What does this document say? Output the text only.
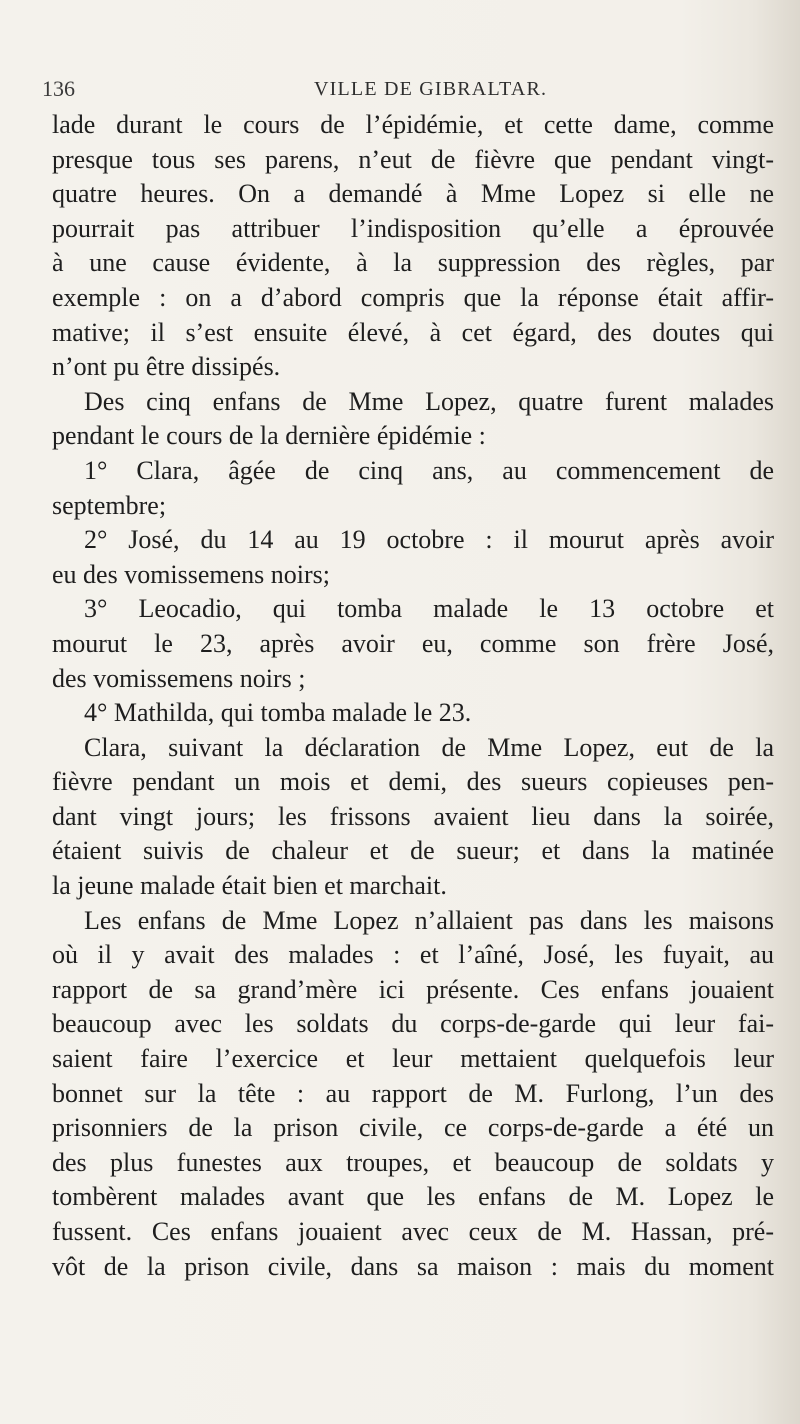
136	VILLE DE GIBRALTAR.
lade durant le cours de l’épidémie, et cette dame, comme
presque tous ses parens, n’eut de fièvre que pendant vingt-
quatre heures. On a demandé à Mme Lopez si elle ne
pourrait pas attribuer l’indisposition qu’elle a éprouvée
à une cause évidente, à la suppression des règles, par
exemple : on a d’abord compris que la réponse était affir-
mative; il s’est ensuite élevé, à cet égard, des doutes qui
n’ont pu être dissipés.
Des cinq enfans de Mme Lopez, quatre furent malades
pendant le cours de la dernière épidémie :
1° Clara, âgée de cinq ans, au commencement de
septembre;
2° José, du 14 au 19 octobre : il mourut après avoir
eu des vomissemens noirs;
3° Leocadio, qui tomba malade le 13 octobre et
mourut le 23, après avoir eu, comme son frère José,
des vomissemens noirs ;
4° Mathilda, qui tomba malade le 23.
Clara, suivant la déclaration de Mme Lopez, eut de la
fièvre pendant un mois et demi, des sueurs copieuses pen-
dant vingt jours; les frissons avaient lieu dans la soirée,
étaient suivis de chaleur et de sueur; et dans la matinée
la jeune malade était bien et marchait.
Les enfans de Mme Lopez n’allaient pas dans les maisons
où il y avait des malades : et l’aîné, José, les fuyait, au
rapport de sa grand’mère ici présente. Ces enfans jouaient
beaucoup avec les soldats du corps-de-garde qui leur fai-
saient faire l’exercice et leur mettaient quelquefois leur
bonnet sur la tête : au rapport de M. Furlong, l’un des
prisonniers de la prison civile, ce corps-de-garde a été un
des plus funestes aux troupes, et beaucoup de soldats y
tombèrent malades avant que les enfans de M. Lopez le
fussent. Ces enfans jouaient avec ceux de M. Hassan, pré-
vôt de la prison civile, dans sa maison : mais du moment
